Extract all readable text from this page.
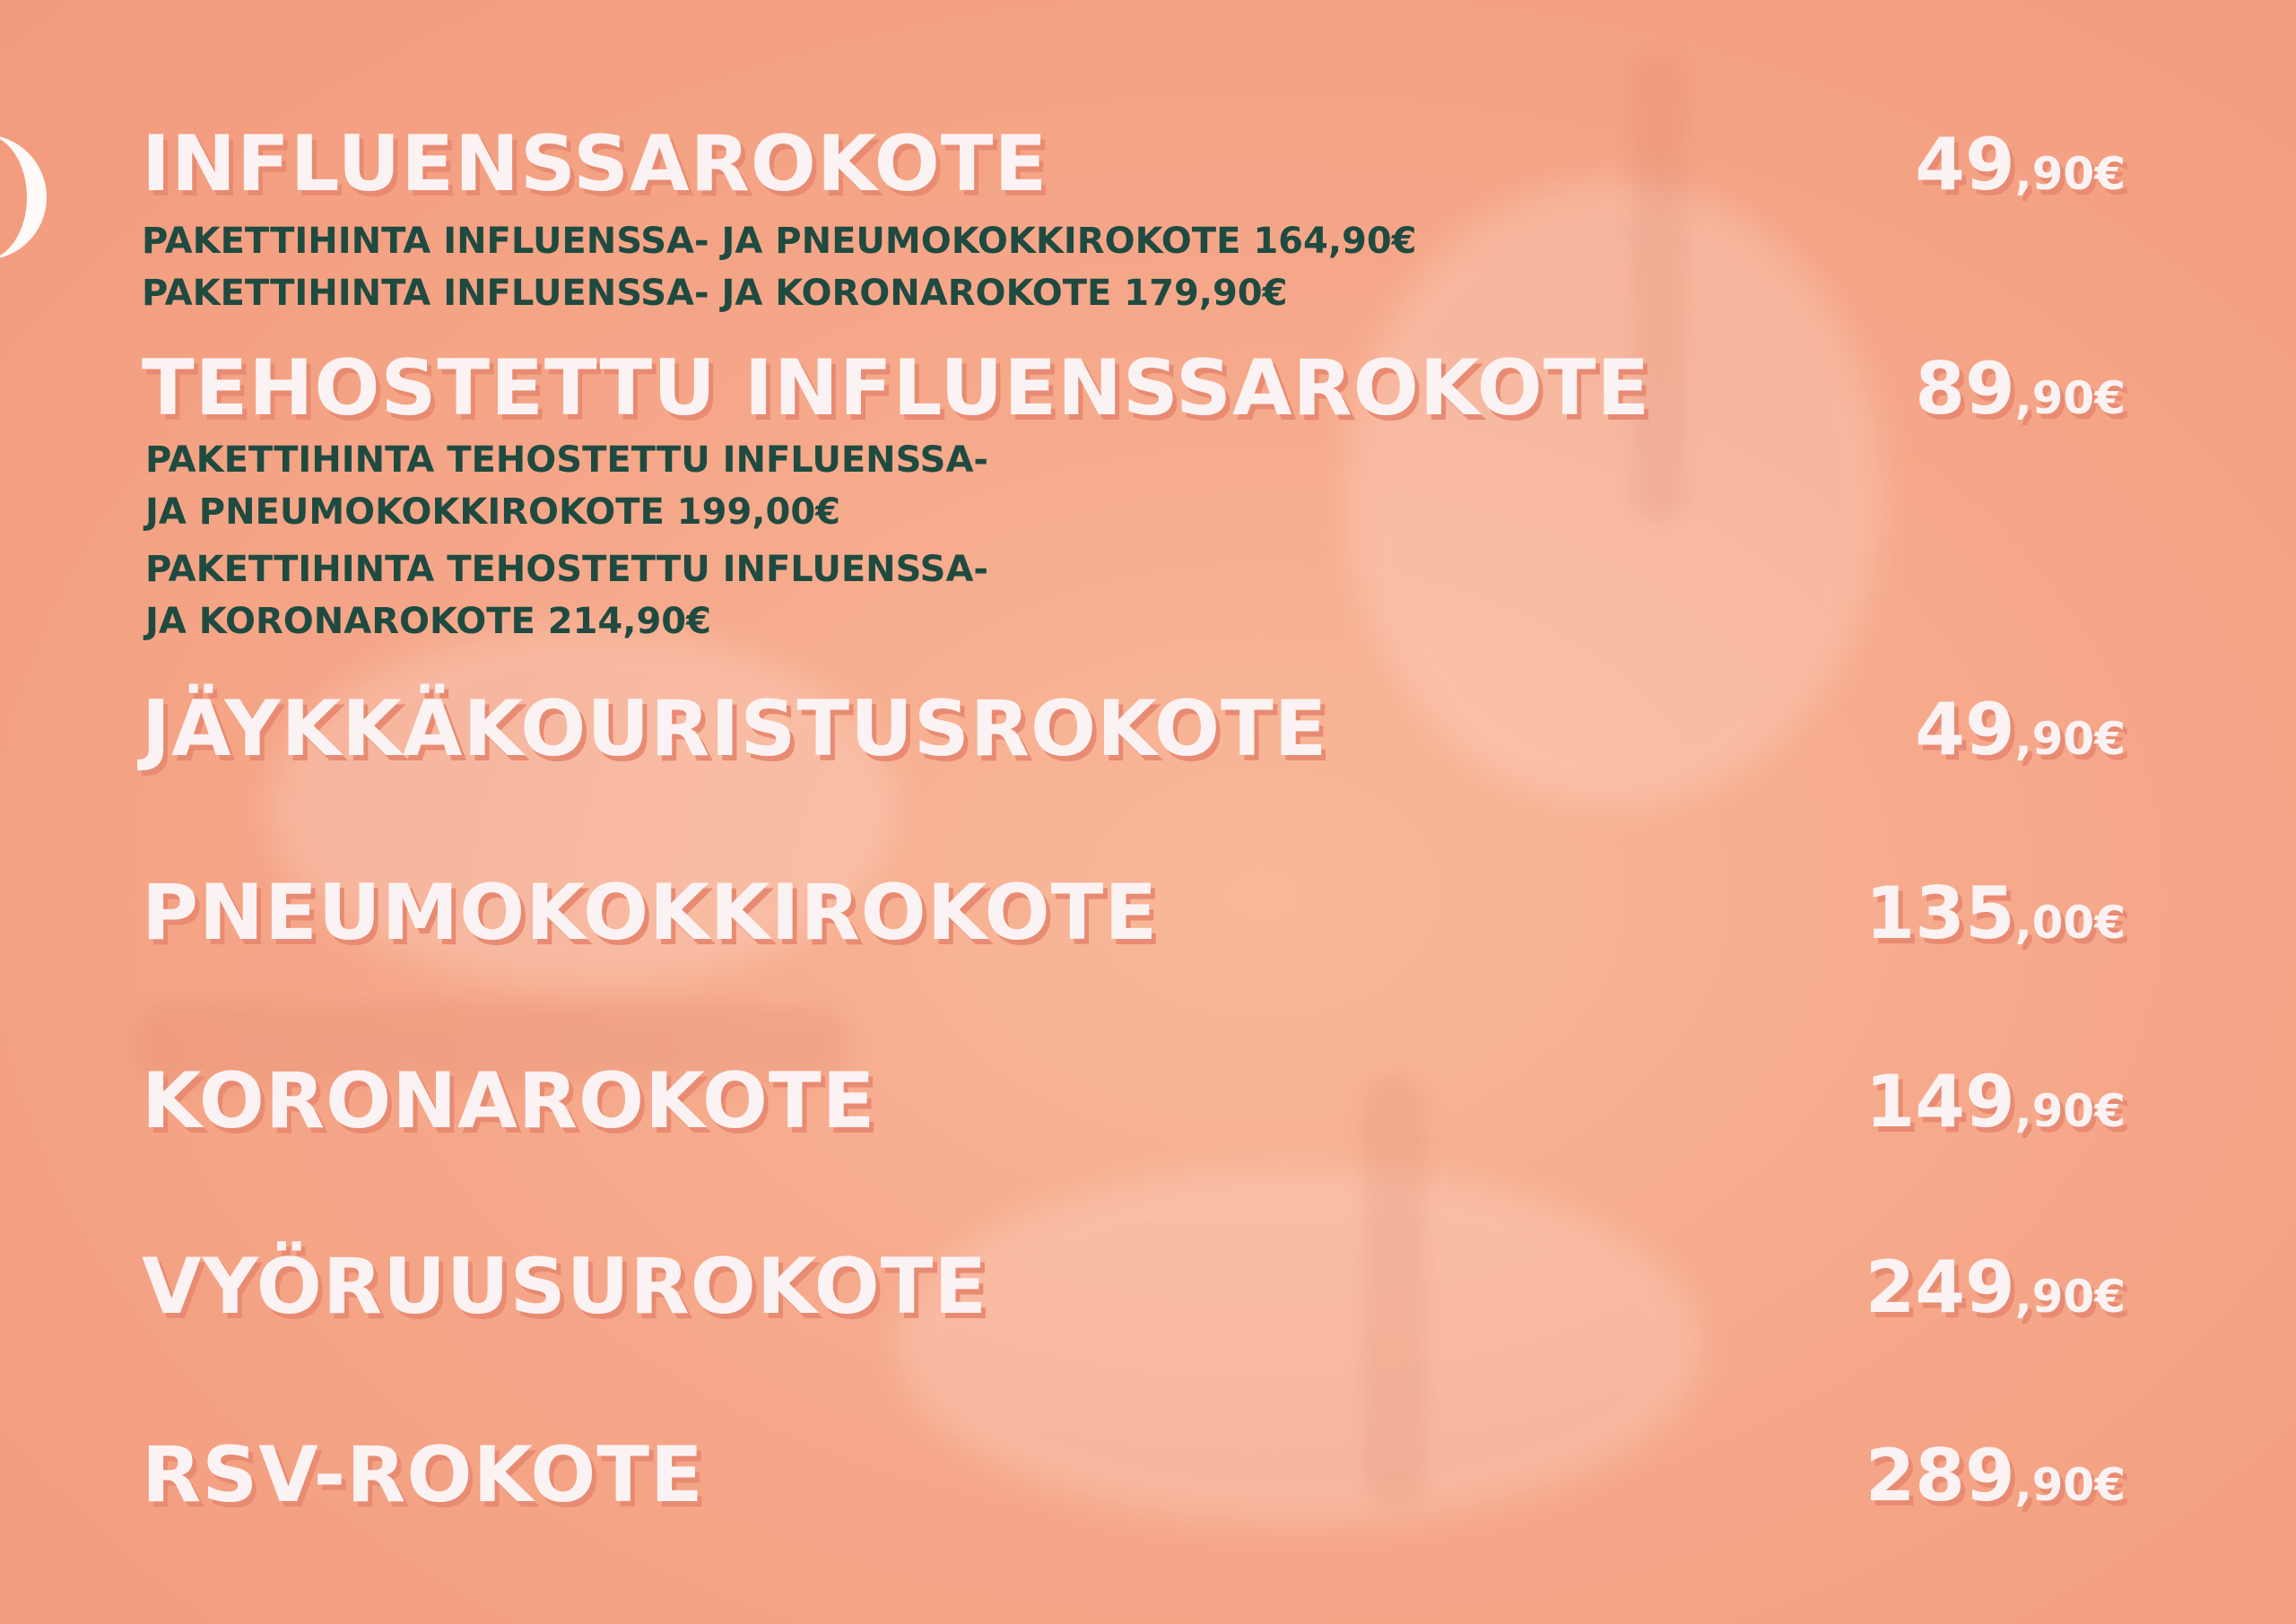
INFLUENSSAROKOTE	49,90€
PAKETTIHINTA INFLUENSSA- JA PNEUMOKOKKIROKOTE 164,90€
PAKETTIHINTA INFLUENSSA- JA KORONAROKOTE 179,90€
TEHOSTETTU INFLUENSSAROKOTE	89,90€
PAKETTIHINTA TEHOSTETTU INFLUENSSA-
JA PNEUMOKOKKIROKOTE 199,00€
PAKETTIHINTA TEHOSTETTU INFLUENSSA-
JA KORONAROKOTE 214,90€
JÄYKKÄKOURISTUSROKOTE	49,90€
PNEUMOKOKKIROKOTE	135,00€
KORONAROKOTE	149,90€
VYÖRUUSUROKOTE	249,90€
RSV-ROKOTE	289,90€
